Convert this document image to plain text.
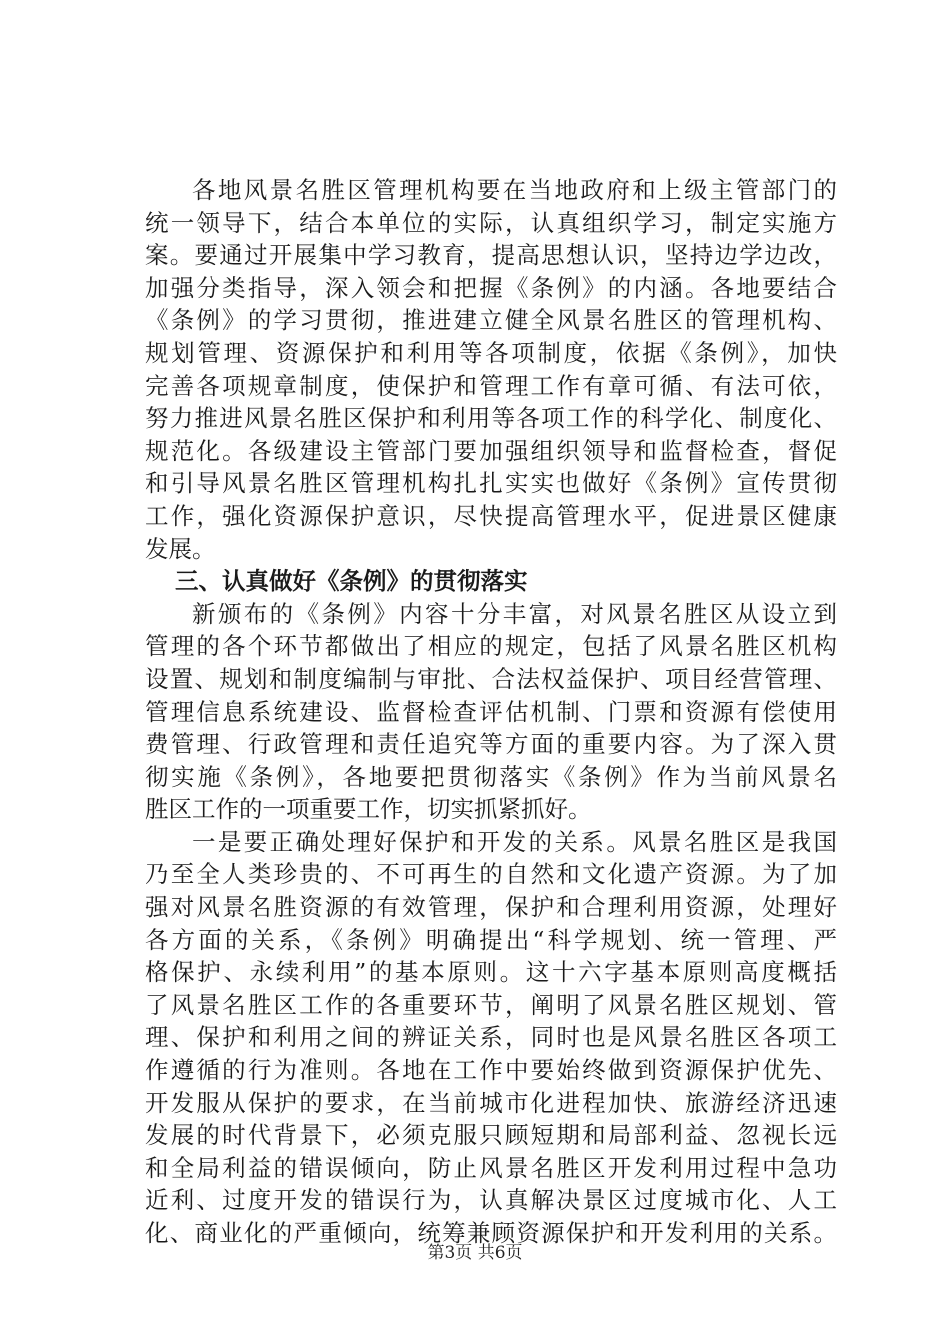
各地风景名胜区管理机构要在当地政府和上级主管部门的
统一领导下，结合本单位的实际，认真组织学习，制定实施方
案。要通过开展集中学习教育，提高思想认识，坚持边学边改，
加强分类指导，深入领会和把握《条例》的内涵。各地要结合
《条例》的学习贯彻，推进建立健全风景名胜区的管理机构、
规划管理、资源保护和利用等各项制度，依据《条例》，加快
完善各项规章制度，使保护和管理工作有章可循、有法可依，
努力推进风景名胜区保护和利用等各项工作的科学化、制度化、
规范化。各级建设主管部门要加强组织领导和监督检查，督促
和引导风景名胜区管理机构扎扎实实也做好《条例》宣传贯彻
工作，强化资源保护意识，尽快提高管理水平，促进景区健康
发展。
三、认真做好《条例》的贯彻落实
新颁布的《条例》内容十分丰富，对风景名胜区从设立到
管理的各个环节都做出了相应的规定，包括了风景名胜区机构
设置、规划和制度编制与审批、合法权益保护、项目经营管理、
管理信息系统建设、监督检查评估机制、门票和资源有偿使用
费管理、行政管理和责任追究等方面的重要内容。为了深入贯
彻实施《条例》，各地要把贯彻落实《条例》作为当前风景名
胜区工作的一项重要工作，切实抓紧抓好。
一是要正确处理好保护和开发的关系。风景名胜区是我国
乃至全人类珍贵的、不可再生的自然和文化遗产资源。为了加
强对风景名胜资源的有效管理，保护和合理利用资源，处理好
各方面的关系，《条例》明确提出“科学规划、统一管理、严
格保护、永续利用”的基本原则。这十六字基本原则高度概括
了风景名胜区工作的各重要环节，阐明了风景名胜区规划、管
理、保护和利用之间的辨证关系，同时也是风景名胜区各项工
作遵循的行为准则。各地在工作中要始终做到资源保护优先、
开发服从保护的要求，在当前城市化进程加快、旅游经济迅速
发展的时代背景下，必须克服只顾短期和局部利益、忽视长远
和全局利益的错误倾向，防止风景名胜区开发利用过程中急功
近利、过度开发的错误行为，认真解决景区过度城市化、人工
化、商业化的严重倾向，统筹兼顾资源保护和开发利用的关系。
第3页 共6页
